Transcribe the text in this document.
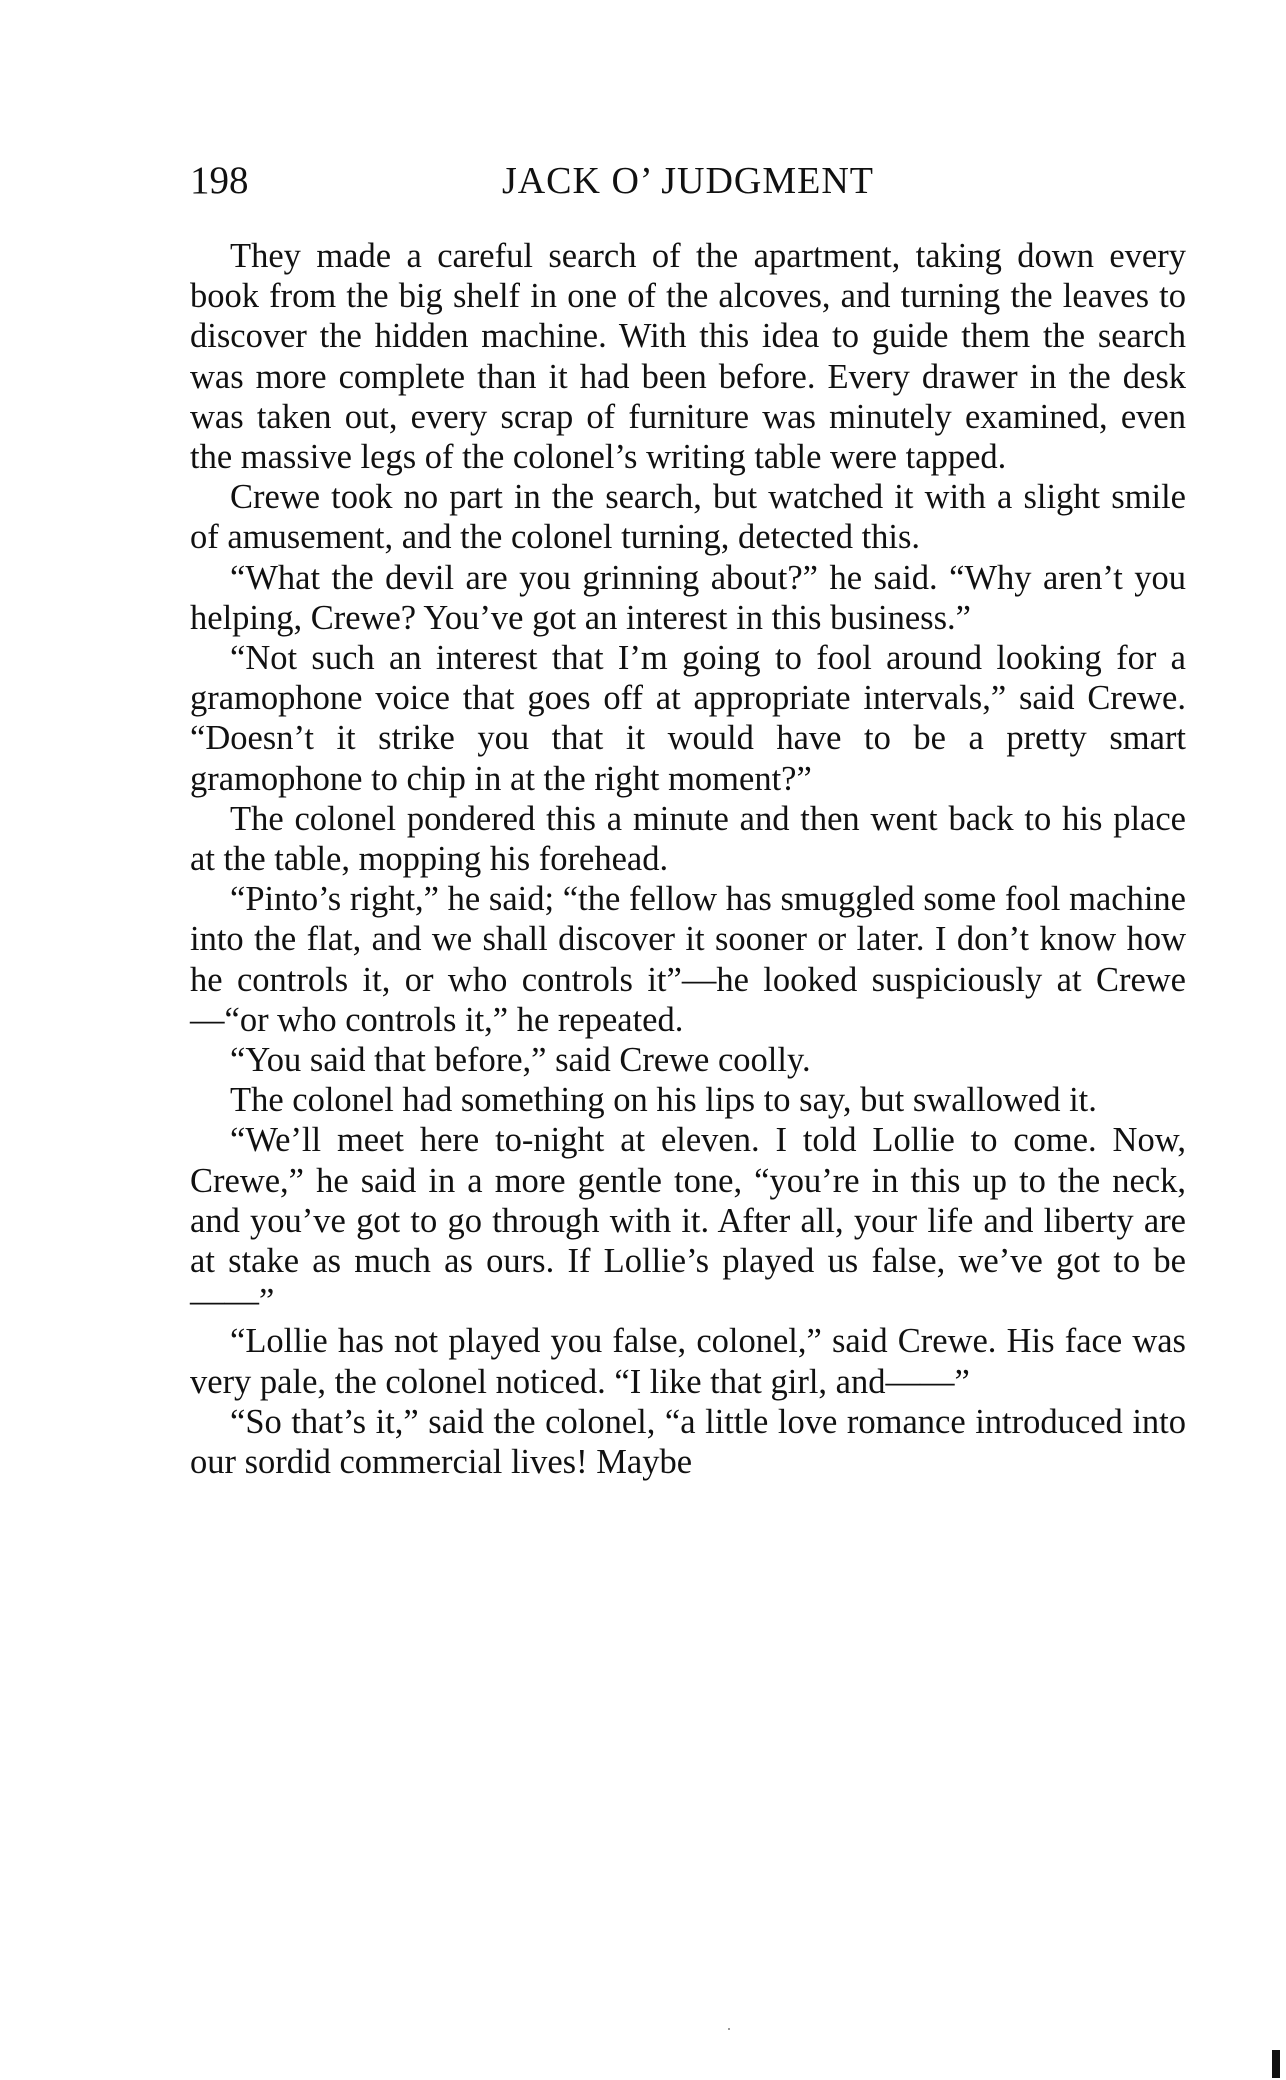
198	JACK O’ JUDGMENT

They made a careful search of the apartment, taking down every book from the big shelf in one of the alcoves, and turning the leaves to discover the hidden machine. With this idea to guide them the search was more complete than it had been before. Every drawer in the desk was taken out, every scrap of furniture was minutely examined, even the massive legs of the colonel’s writing table were tapped.

Crewe took no part in the search, but watched it with a slight smile of amusement, and the colonel turning, detected this.

“What the devil are you grinning about?” he said. “Why aren’t you helping, Crewe? You’ve got an interest in this business.”

“Not such an interest that I’m going to fool around looking for a gramophone voice that goes off at appropriate intervals,” said Crewe. “Doesn’t it strike you that it would have to be a pretty smart gramophone to chip in at the right moment?”

The colonel pondered this a minute and then went back to his place at the table, mopping his forehead.

“Pinto’s right,” he said; “the fellow has smuggled some fool machine into the flat, and we shall discover it sooner or later. I don’t know how he controls it, or who controls it”—he looked suspiciously at Crewe—“or who controls it,” he repeated.

“You said that before,” said Crewe coolly.

The colonel had something on his lips to say, but swallowed it.

“We’ll meet here to-night at eleven. I told Lollie to come. Now, Crewe,” he said in a more gentle tone, “you’re in this up to the neck, and you’ve got to go through with it. After all, your life and liberty are at stake as much as ours. If Lollie’s played us false, we’ve got to be——”

“Lollie has not played you false, colonel,” said Crewe. His face was very pale, the colonel noticed. “I like that girl, and——”

“So that’s it,” said the colonel, “a little love romance introduced into our sordid commercial lives! Maybe
